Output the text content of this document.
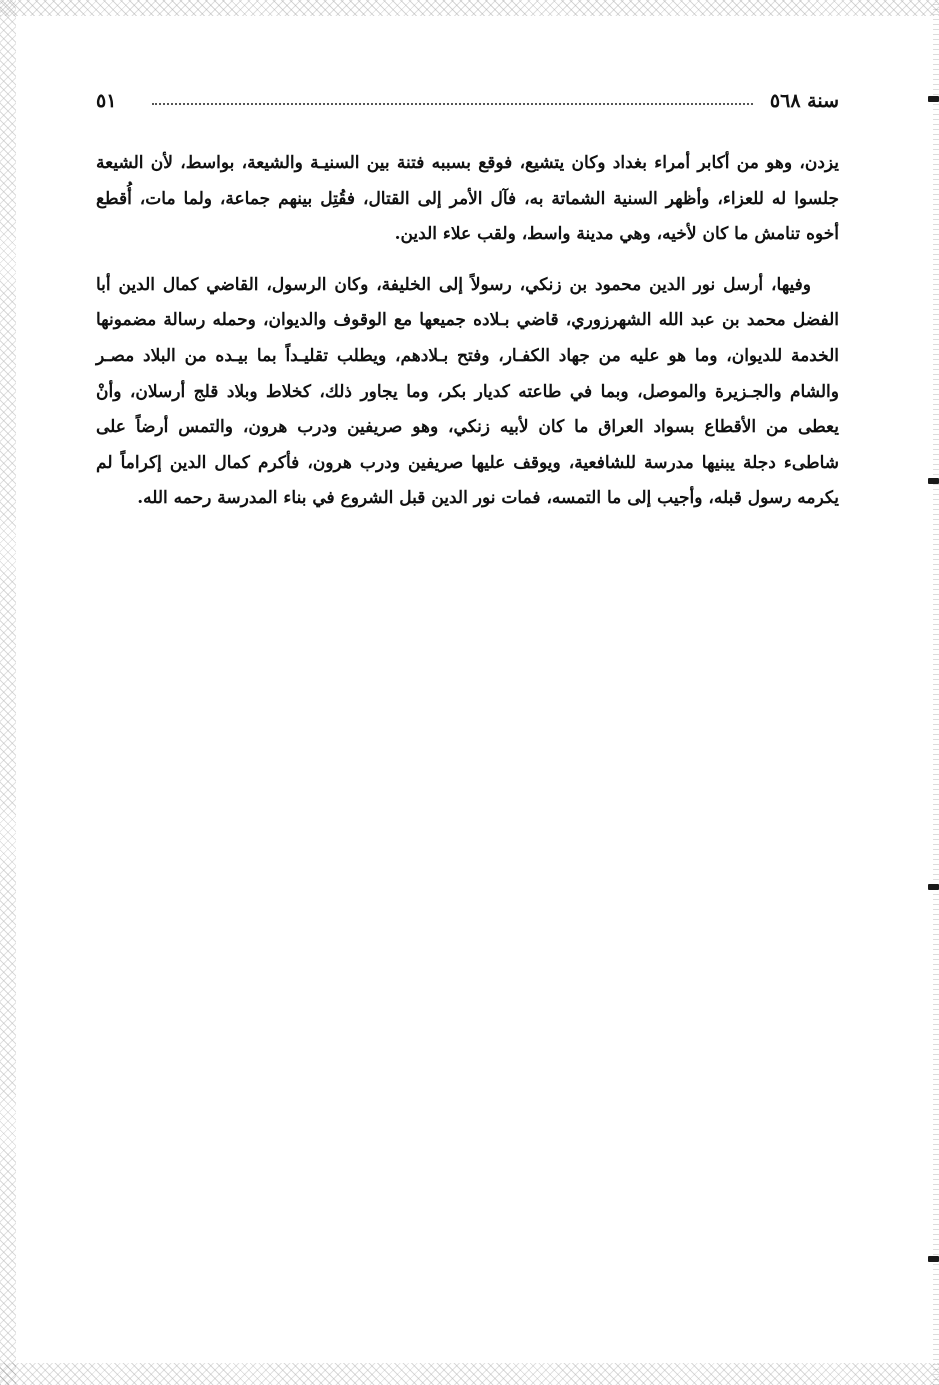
سنة ٥٦٨
٥١

يزدن، وهو من أكابر أمراء بغداد وكان يتشيع، فوقع بسببه فتنة بين السنيـة والشيعة، بواسط، لأن الشيعة جلسوا له للعزاء، وأظهر السنية الشماتة به، فآل الأمر إلى القتال، فقُتِل بينهم جماعة، ولما مات، أُقطع أخوه تنامش ما كان لأخيه، وهي مدينة واسط، ولقب علاء الدين.

وفيها، أرسل نور الدين محمود بن زنكي، رسولاً إلى الخليفة، وكان الرسول، القاضي كمال الدين أبا الفضل محمد بن عبد الله الشهرزوري، قاضي بـلاده جميعها مع الوقوف والديوان، وحمله رسالة مضمونها الخدمة للديوان، وما هو عليه من جهاد الكفـار، وفتح بـلادهم، ويطلب تقليـداً بما بيـده من البلاد مصـر والشام والجـزيرة والموصل، وبما في طاعته كديار بكر، وما يجاور ذلك، كخلاط وبلاد قلج أرسلان، وأنْ يعطى من الأقطاع بسواد العراق ما كان لأبيه زنكي، وهو صريفين ودرب هرون، والتمس أرضاً على شاطىء دجلة يبنيها مدرسة للشافعية، ويوقف عليها صريفين ودرب هرون، فأكرم كمال الدين إكراماً لم يكرمه رسول قبله، وأجيب إلى ما التمسه، فمات نور الدين قبل الشروع في بناء المدرسة رحمه الله.
